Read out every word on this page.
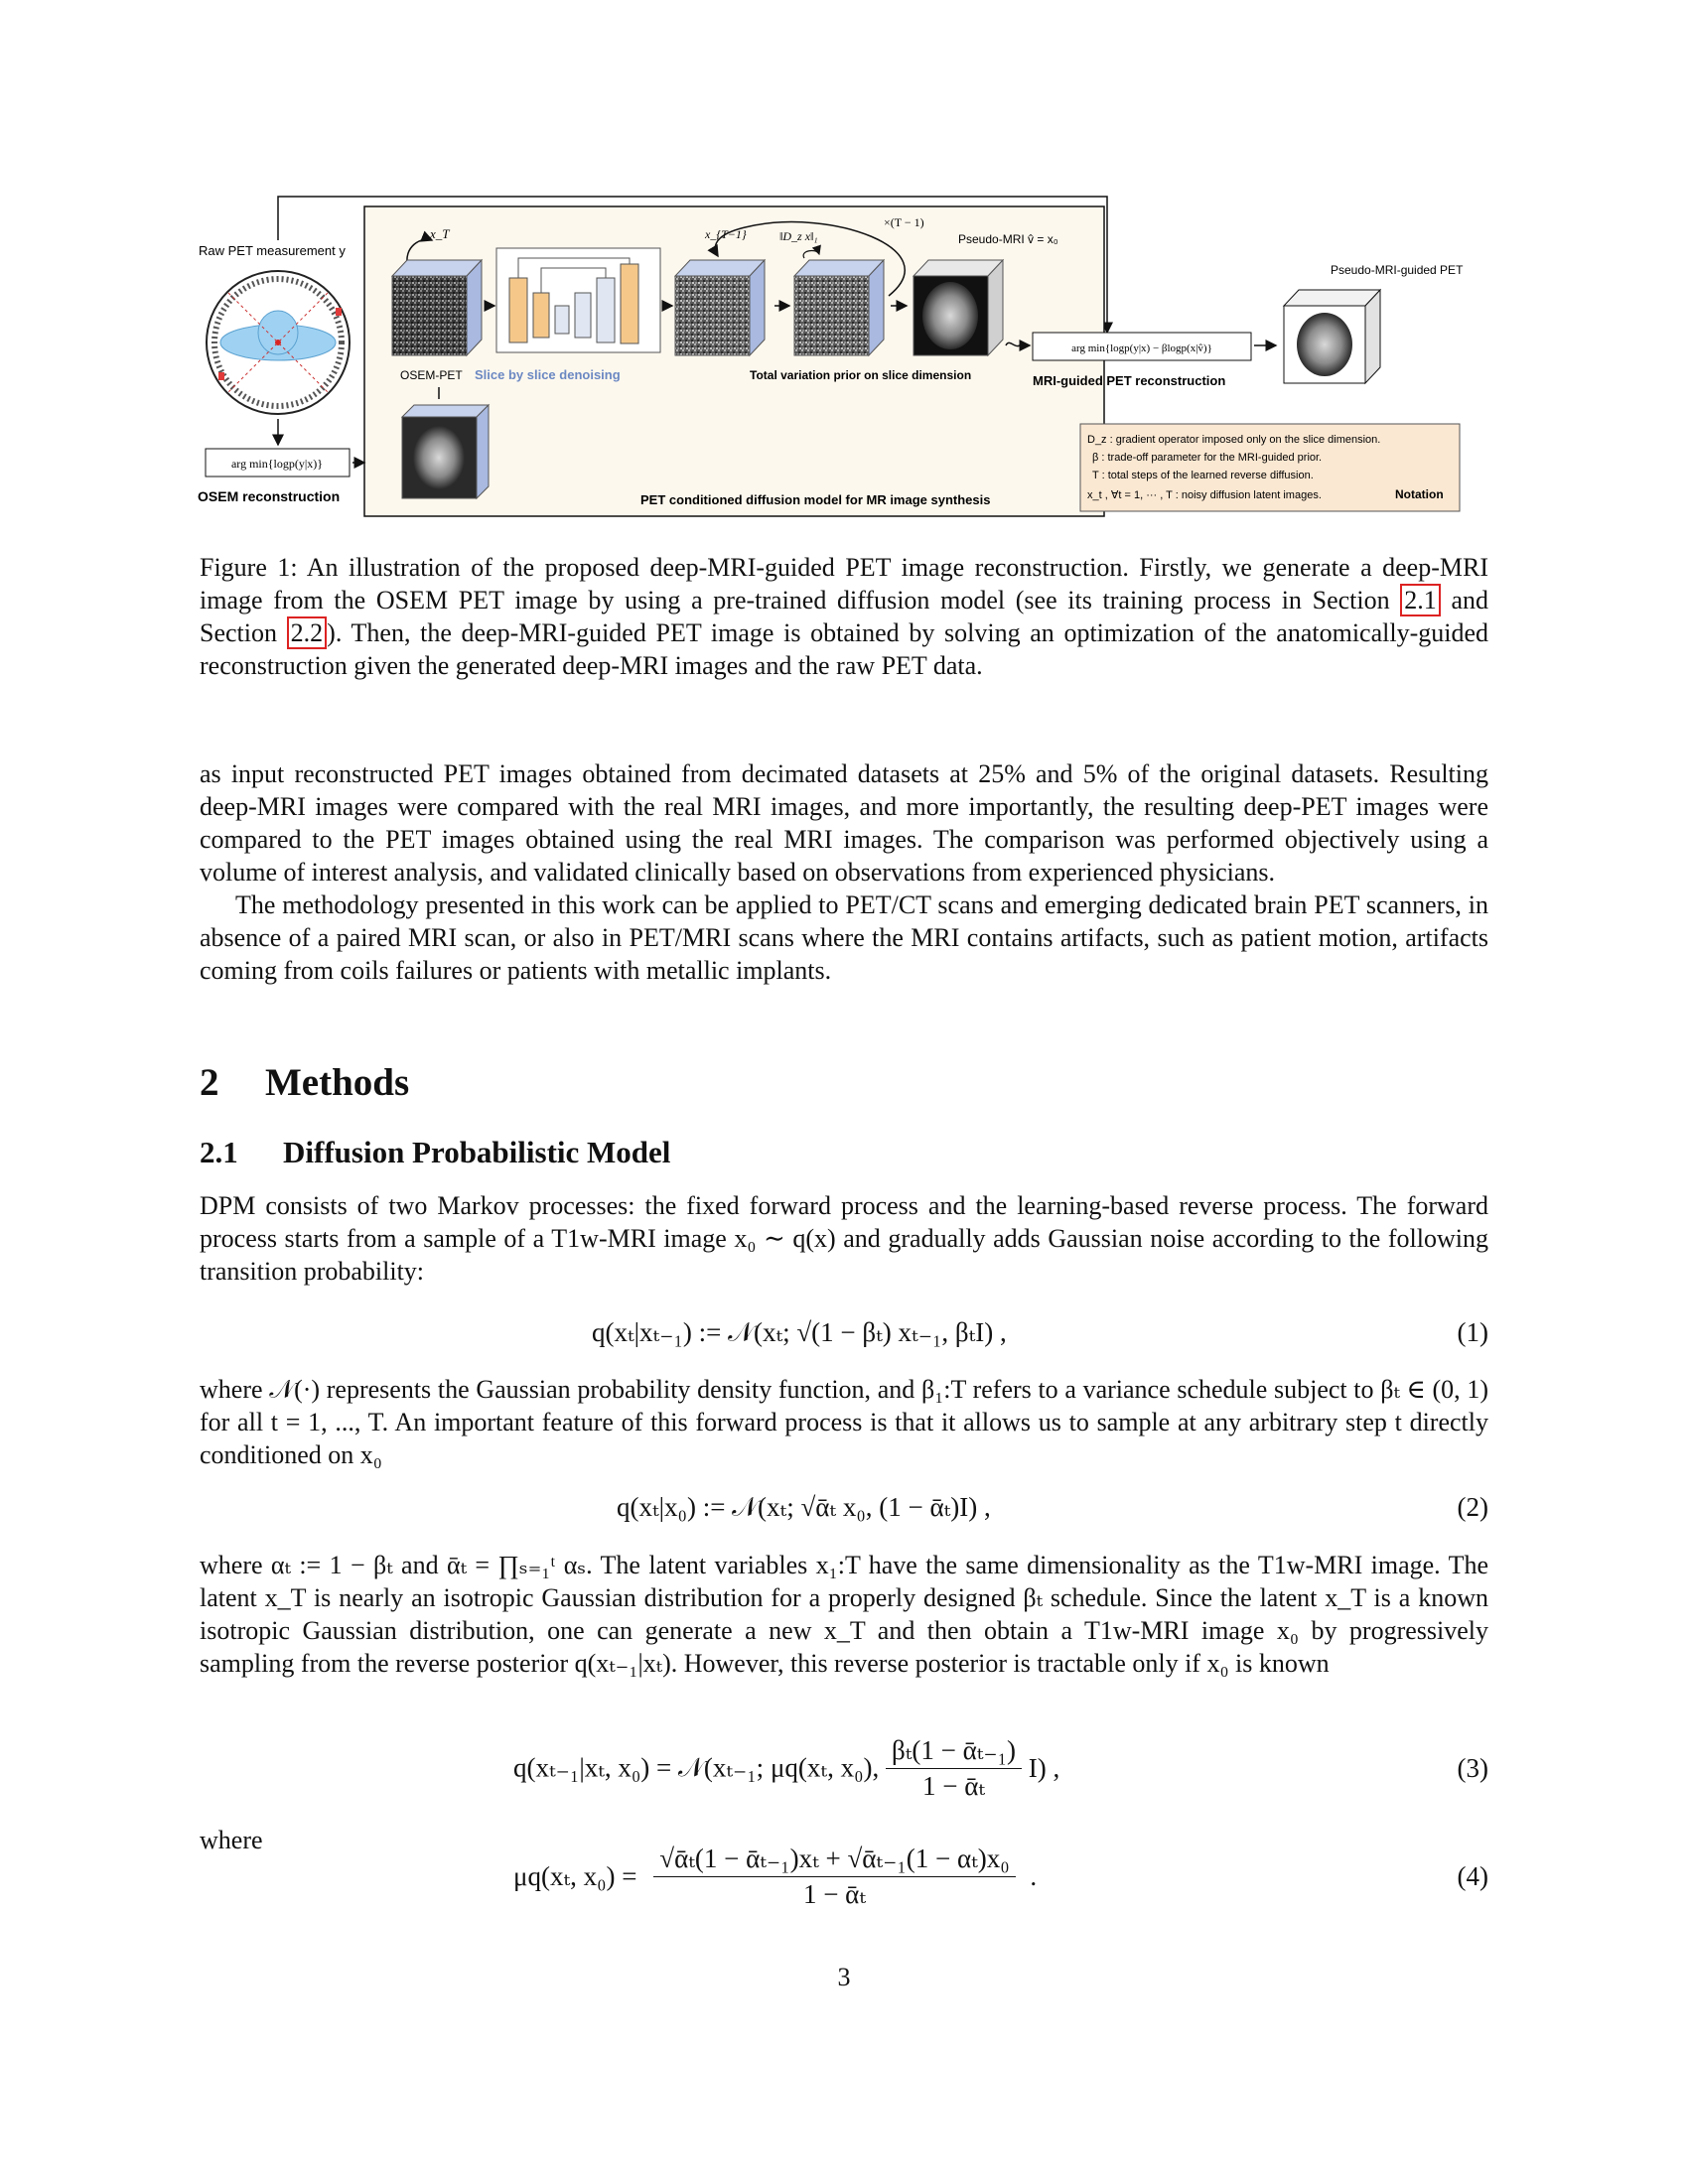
Raw PET measurement y
arg min{logp(y|x)}
OSEM reconstruction
x_T
OSEM-PET Slice by slice denoising
x_{T−1}	‖D_z x‖₁
Total variation prior on slice dimension
×(T − 1)
Pseudo-MRI v̂ = x₀
PET conditioned diffusion model for MR image synthesis
arg min{logp(y|x) − βlogp(x|v̂)}
MRI-guided PET reconstruction
Pseudo-MRI-guided PET
D_z : gradient operator imposed only on the slice dimension.
β : trade-off parameter for the MRI-guided prior.
T : total steps of the learned reverse diffusion.
x_t , ∀t = 1, ··· , T : noisy diffusion latent images.	Notation

Figure 1: An illustration of the proposed deep-MRI-guided PET image reconstruction. Firstly, we generate a deep-MRI image from the OSEM PET image by using a pre-trained diffusion model (see its training process in Section 2.1 and Section 2.2 ). Then, the deep-MRI-guided PET image is obtained by solving an optimization of the anatomically-guided reconstruction given the generated deep-MRI images and the raw PET data.

as input reconstructed PET images obtained from decimated datasets at 25% and 5% of the original datasets. Resulting deep-MRI images were compared with the real MRI images, and more importantly, the resulting deep-PET images were compared to the PET images obtained using the real MRI images. The comparison was performed objectively using a volume of interest analysis, and validated clinically based on observations from experienced physicians.

The methodology presented in this work can be applied to PET/CT scans and emerging dedicated brain PET scanners, in absence of a paired MRI scan, or also in PET/MRI scans where the MRI contains artifacts, such as patient motion, artifacts coming from coils failures or patients with metallic implants.

2 Methods
2.1 Diffusion Probabilistic Model

DPM consists of two Markov processes: the fixed forward process and the learning-based reverse process. The forward process starts from a sample of a T1w-MRI image x₀ ∼ q(x) and gradually adds Gaussian noise according to the following transition probability:

q(xₜ|xₜ₋₁) := 𝒩(xₜ; √(1 − βₜ) xₜ₋₁, βₜI) ,	(1)

where 𝒩(·) represents the Gaussian probability density function, and β₁:T refers to a variance schedule subject to βₜ ∈ (0, 1) for all t = 1, ..., T. An important feature of this forward process is that it allows us to sample at any arbitrary step t directly conditioned on x₀

q(xₜ|x₀) := 𝒩(xₜ; √ᾱₜ x₀, (1 − ᾱₜ)I) ,	(2)

where αₜ := 1 − βₜ and ᾱₜ = ∏ₛ₌₁ᵗ αₛ. The latent variables x₁:T have the same dimensionality as the T1w-MRI image. The latent x_T is nearly an isotropic Gaussian distribution for a properly designed βₜ schedule. Since the latent x_T is a known isotropic Gaussian distribution, one can generate a new x_T and then obtain a T1w-MRI image x₀ by progressively sampling from the reverse posterior q(xₜ₋₁|xₜ). However, this reverse posterior is tractable only if x₀ is known

q(xₜ₋₁|xₜ, x₀) = 𝒩(xₜ₋₁; μq(xₜ, x₀), $\frac{\text{βₜ(1 − ᾱₜ₋₁)}}{\text{1 − ᾱₜ}} I$) ,	(3)

where

μq(xₜ, $x_0) = \frac{\text{√ᾱₜ(1 − ᾱₜ₋₁)xₜ + √ᾱₜ₋₁(1 − αₜ)x₀}}{\text{1 − ᾱₜ}}$ .	(4)
3
